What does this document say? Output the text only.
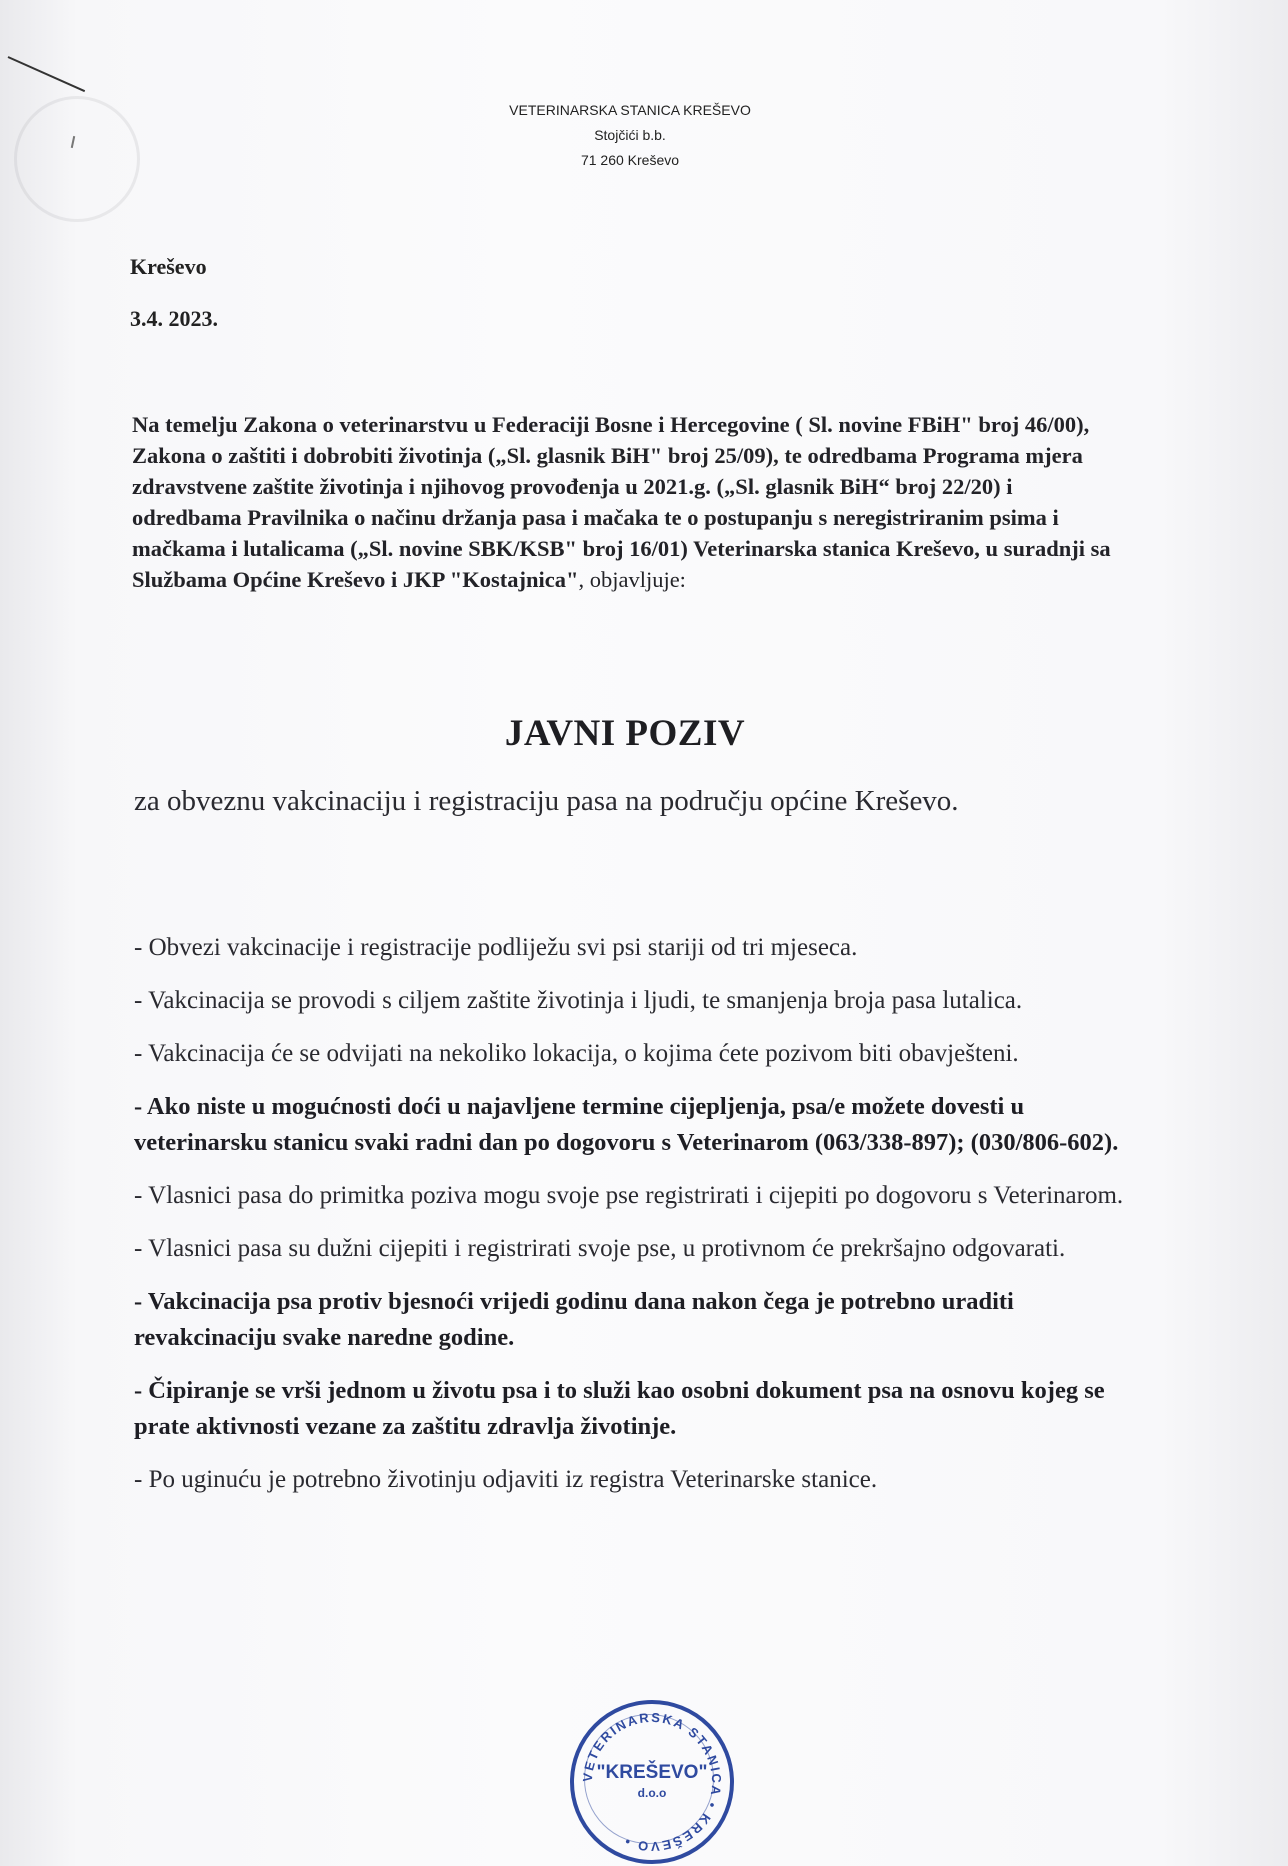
VETERINARSKA STANICA KREŠEVO
Stojčići b.b.
71 260 Kreševo
Kreševo
3.4. 2023.
Na temelju Zakona o veterinarstvu u Federaciji Bosne i Hercegovine ( Sl. novine FBiH" broj 46/00), Zakona o zaštiti i dobrobiti životinja („Sl. glasnik BiH" broj 25/09), te odredbama Programa mjera zdravstvene zaštite životinja i njihovog provođenja u 2021.g. („Sl. glasnik BiH“ broj 22/20) i odredbama Pravilnika o načinu držanja pasa i mačaka te o postupanju s neregistriranim psima i mačkama i lutalicama („Sl. novine SBK/KSB" broj 16/01) Veterinarska stanica Kreševo, u suradnji sa Službama Općine Kreševo i JKP "Kostajnica", objavljuje:
JAVNI POZIV
za obveznu vakcinaciju i registraciju pasa na području općine Kreševo.
- Obvezi vakcinacije i registracije podliježu svi psi stariji od tri mjeseca.
- Vakcinacija se provodi s ciljem zaštite životinja i ljudi, te smanjenja broja pasa lutalica.
- Vakcinacija će se odvijati na nekoliko lokacija, o kojima ćete pozivom biti obavješteni.
- Ako niste u mogućnosti doći u najavljene termine cijepljenja, psa/e možete dovesti u veterinarsku stanicu svaki radni dan po dogovoru s Veterinarom (063/338-897); (030/806-602).
- Vlasnici pasa do primitka poziva mogu svoje pse registrirati i cijepiti po dogovoru s Veterinarom.
- Vlasnici pasa su dužni cijepiti i registrirati svoje pse, u protivnom će prekršajno odgovarati.
- Vakcinacija psa protiv bjesnoći vrijedi godinu dana nakon čega je potrebno uraditi revakcinaciju svake naredne godine.
- Čipiranje se vrši jednom u životu psa i to služi kao osobni dokument psa na osnovu kojeg se prate aktivnosti vezane za zaštitu zdravlja životinje.
- Po uginuću je potrebno životinju odjaviti iz registra Veterinarske stanice.
VETERINARSKA STANICA • KREŠEVO •
"KREŠEVO"
d.o.o
